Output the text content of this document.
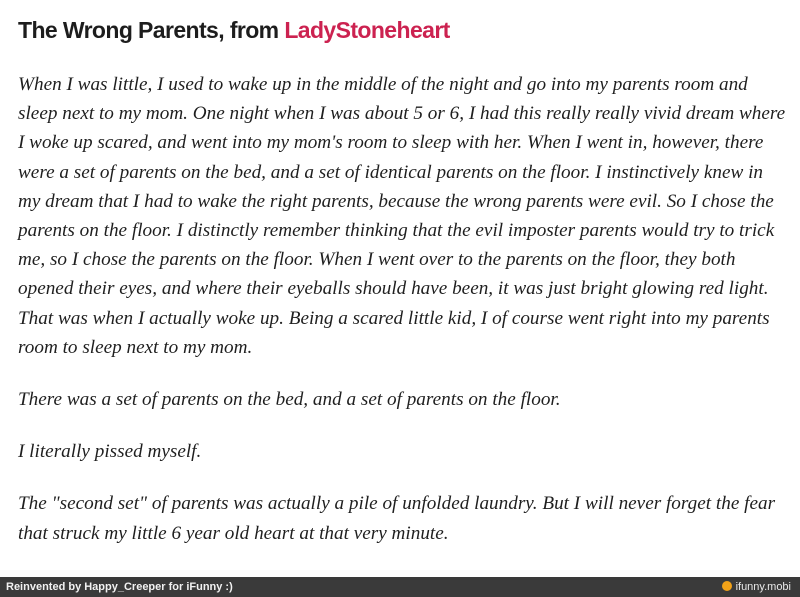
The Wrong Parents, from LadyStoneheart

When I was little, I used to wake up in the middle of the night and go into my parents room and sleep next to my mom. One night when I was about 5 or 6, I had this really really vivid dream where I woke up scared, and went into my mom's room to sleep with her. When I went in, however, there were a set of parents on the bed, and a set of identical parents on the floor. I instinctively knew in my dream that I had to wake the right parents, because the wrong parents were evil. So I chose the parents on the floor. I distinctly remember thinking that the evil imposter parents would try to trick me, so I chose the parents on the floor. When I went over to the parents on the floor, they both opened their eyes, and where their eyeballs should have been, it was just bright glowing red light. That was when I actually woke up. Being a scared little kid, I of course went right into my parents room to sleep next to my mom.

There was a set of parents on the bed, and a set of parents on the floor.

I literally pissed myself.

The "second set" of parents was actually a pile of unfolded laundry. But I will never forget the fear that struck my little 6 year old heart at that very minute.

Reinvented by Happy_Creeper for iFunny :)	ifunny.mobi
